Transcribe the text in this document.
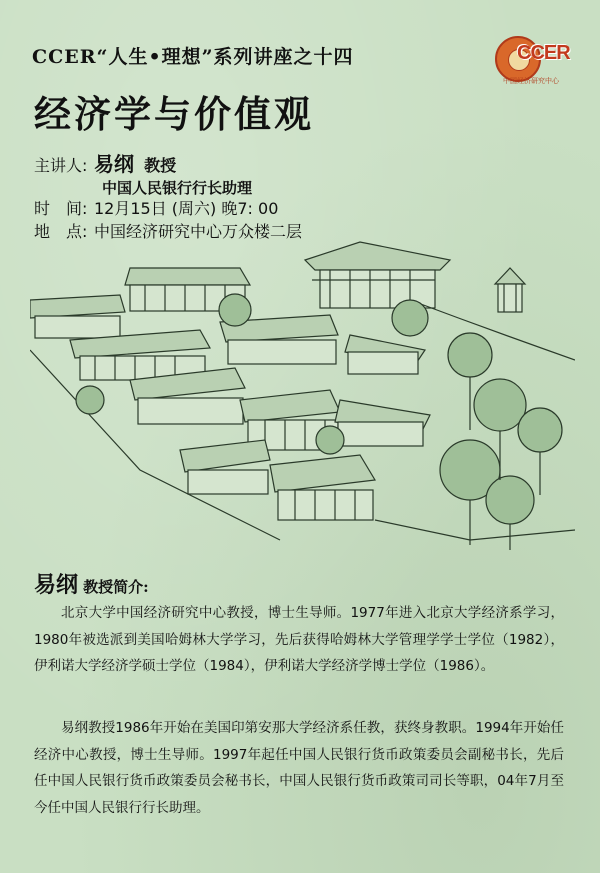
CCER“人生•理想”系列讲座之十四	CCER
中国经济研究中心
经济学与价值观
主讲人: 易纲 教授
中国人民银行行长助理
时　间: 12月15日 (周六) 晚7: 00
地　点: 中国经济研究中心万众楼二层
易纲 教授简介:
北京大学中国经济研究中心教授，博士生导师。1977年进入北京大学经济系学习，1980年被选派到美国哈姆林大学学习，先后获得哈姆林大学管理学学士学位（1982），伊利诺大学经济学硕士学位（1984），伊利诺大学经济学博士学位（1986）。
易纲教授1986年开始在美国印第安那大学经济系任教，获终身教职。1994年开始任经济中心教授，博士生导师。1997年起任中国人民银行货币政策委员会副秘书长，先后任中国人民银行货币政策委员会秘书长，中国人民银行货币政策司司长等职，04年7月至今任中国人民银行行长助理。
